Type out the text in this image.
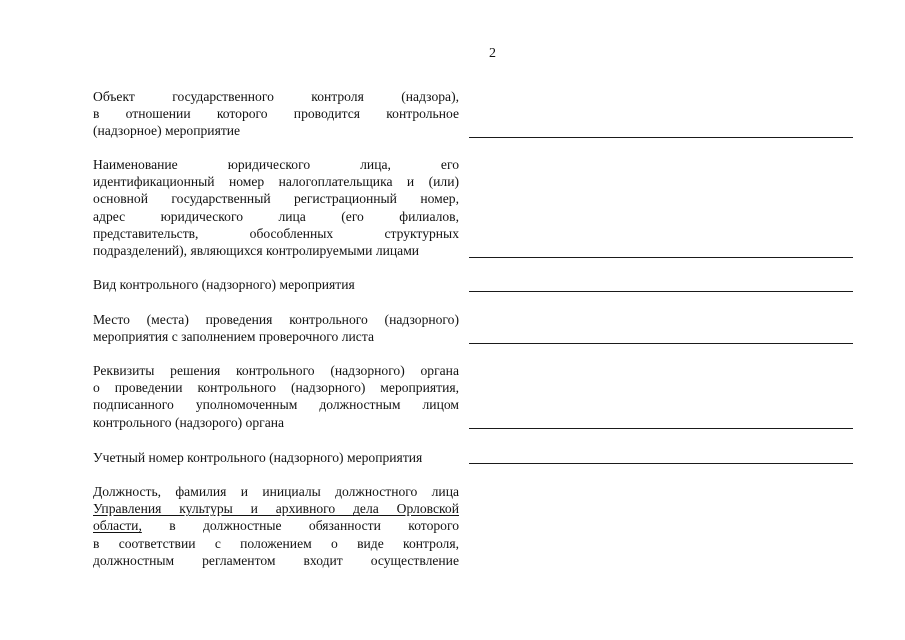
2
Объект государственного контроля (надзора),
в отношении которого проводится контрольное
(надзорное) мероприятие
Наименование юридического лица, его
идентификационный номер налогоплательщика и (или)
основной государственный регистрационный номер,
адрес юридического лица (его филиалов,
представительств, обособленных структурных
подразделений), являющихся контролируемыми лицами
Вид контрольного (надзорного) мероприятия
Место (места) проведения контрольного (надзорного)
мероприятия с заполнением проверочного листа
Реквизиты решения контрольного (надзорного) органа
о проведении контрольного (надзорного) мероприятия,
подписанного уполномоченным должностным лицом
контрольного (надзорого) органа
Учетный номер контрольного (надзорного) мероприятия
Должность, фамилия и инициалы должностного лица
Управления культуры и архивного дела Орловской
области, в должностные обязанности которого
в соответствии с положением о виде контроля,
должностным регламентом входит осуществление
